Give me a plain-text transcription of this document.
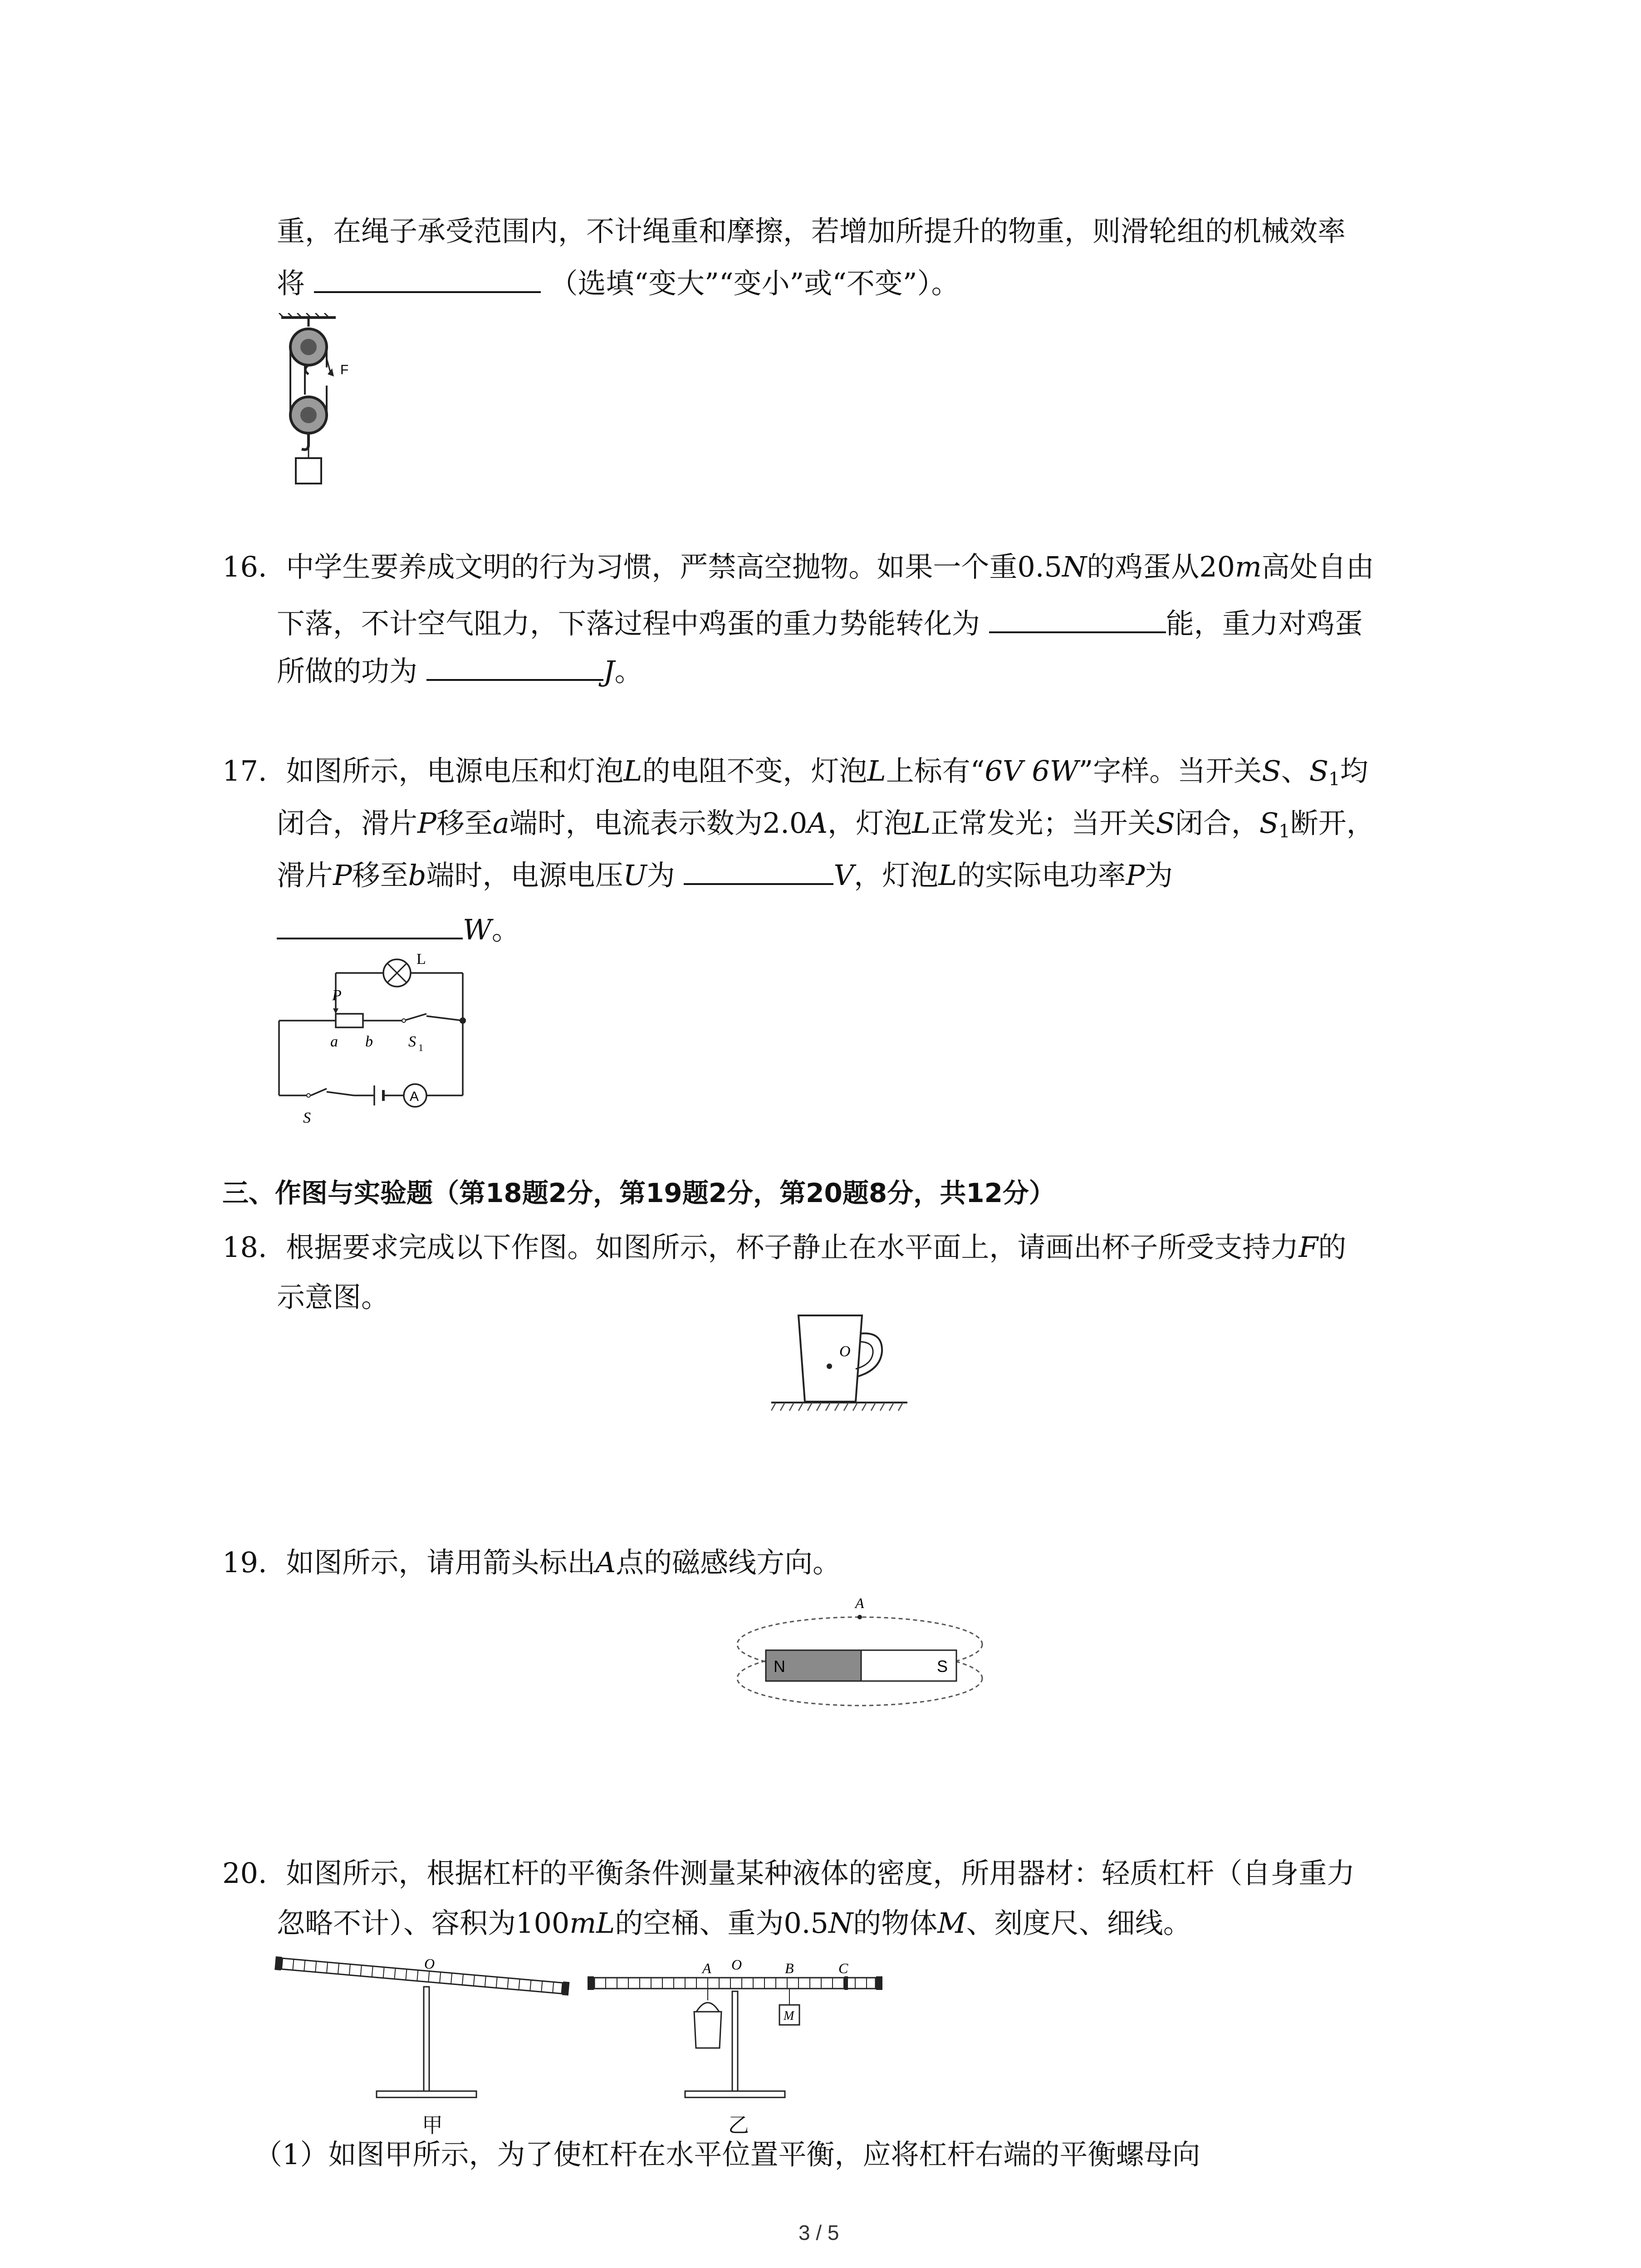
重，在绳子承受范围内，不计绳重和摩擦，若增加所提升的物重，则滑轮组的机械效率
将	（选填“变大”“变小”或“不变”）。
F
16. 中学生要养成文明的行为习惯，严禁高空抛物。如果一个重0.5N的鸡蛋从20m高处自由
下落，不计空气阻力，下落过程中鸡蛋的重力势能转化为	能，重力对鸡蛋
所做的功为	J。
17. 如图所示，电源电压和灯泡L的电阻不变，灯泡L上标有“6V 6W”字样。当开关S、$S_1$均
闭合，滑片P移至a端时，电流表示数为2.0A，灯泡L正常发光；当开关S闭合，$S_1$断开，
滑片P移至b端时，电源电压U为	V，灯泡L的实际电功率P为
W。
L
P
a b S 1
S
A
三、作图与实验题（第18题2分，第19题2分，第20题8分，共12分）
18. 根据要求完成以下作图。如图所示，杯子静止在水平面上，请画出杯子所受支持力F的
示意图。
O
19. 如图所示，请用箭头标出A点的磁感线方向。
A
N	S
20. 如图所示，根据杠杆的平衡条件测量某种液体的密度，所用器材：轻质杠杆（自身重力
忽略不计）、容积为100mL的空桶、重为0.5N的物体M、刻度尺、细线。
O
甲
A O	B	C
M
乙
（1）如图甲所示，为了使杠杆在水平位置平衡，应将杠杆右端的平衡螺母向
3 / 5
